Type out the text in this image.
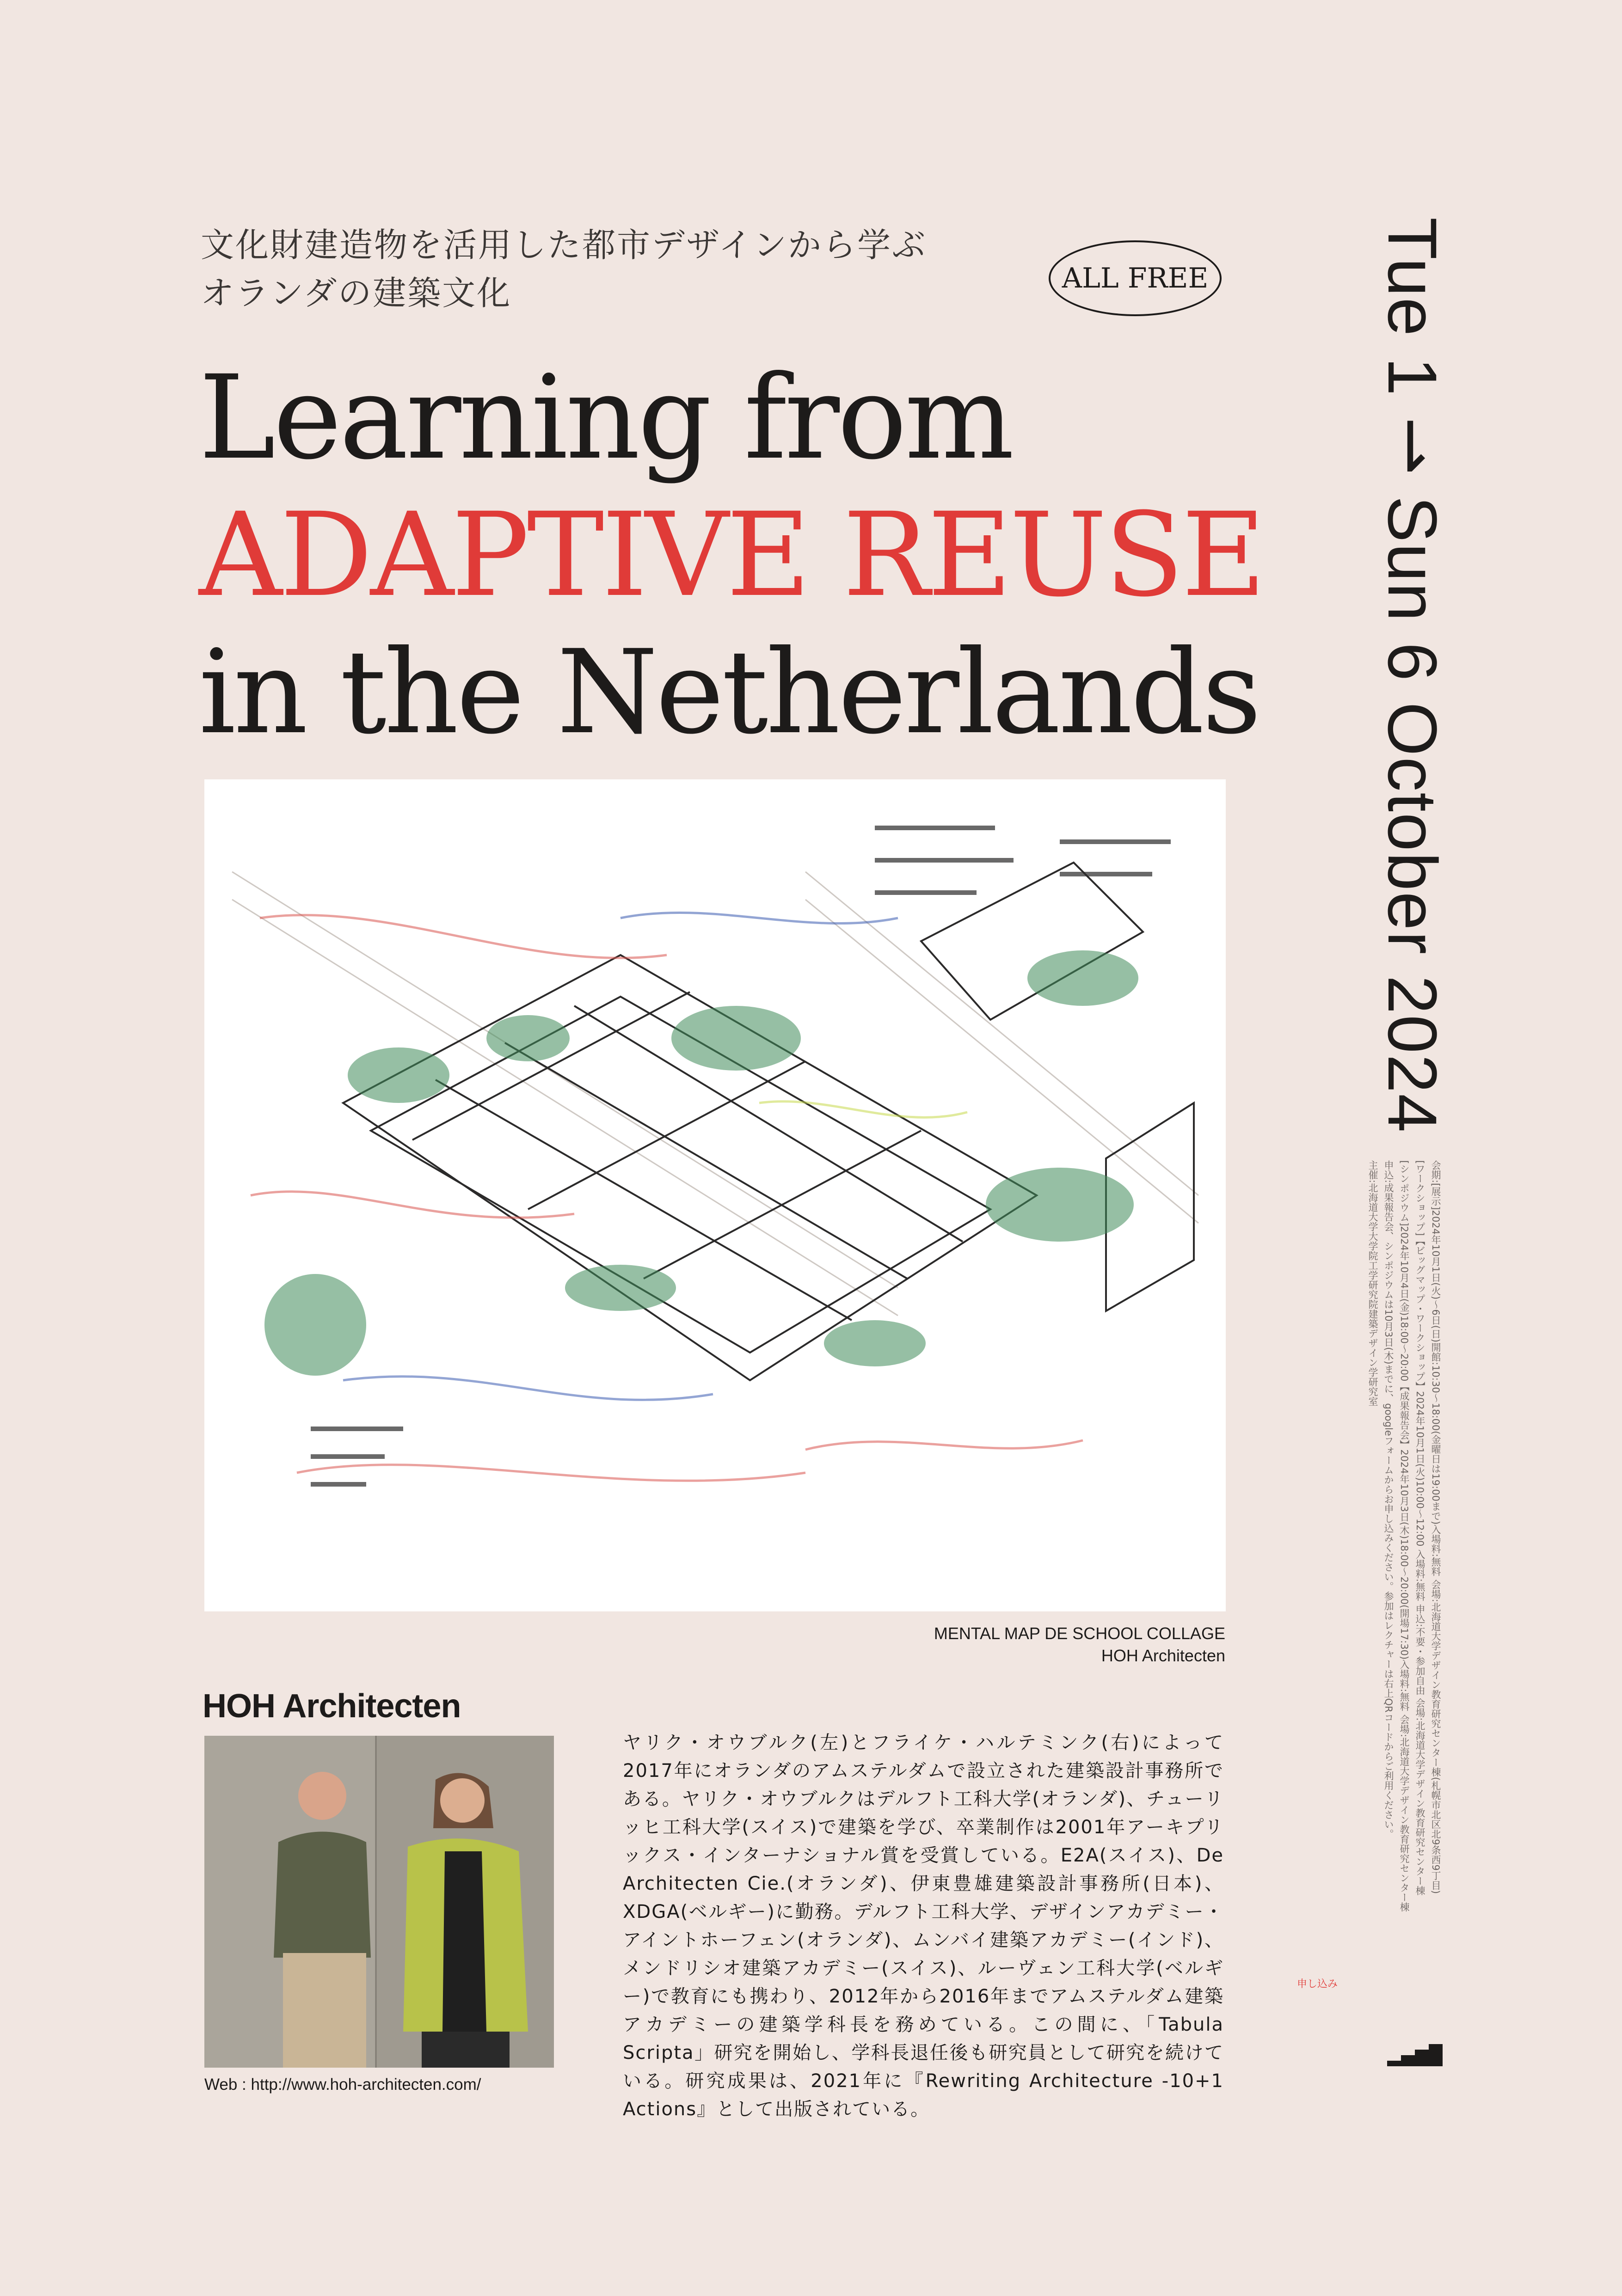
文化財建造物を活用した都市デザインから学ぶ
オランダの建築文化	ALL FREE
Learning from
ADAPTIVE REUSE
in the Netherlands
MENTAL MAP DE SCHOOL COLLAGE
HOH Architecten
HOH Architecten
Web : http://www.hoh-architecten.com/
ヤリク・オウブルク(左)とフライケ・ハルテミンク(右)によって2017年にオランダのアムステルダムで設立された建築設計事務所である。ヤリク・オウブルクはデルフト工科大学(オランダ)、チューリッヒ工科大学(スイス)で建築を学び、卒業制作は2001年アーキプリックス・インターナショナル賞を受賞している。E2A(スイス)、De Architecten Cie.(オランダ)、伊東豊雄建築設計事務所(日本)、XDGA(ベルギー)に勤務。デルフト工科大学、デザインアカデミー・アイントホーフェン(オランダ)、ムンバイ建築アカデミー(インド)、メンドリシオ建築アカデミー(スイス)、ルーヴェン工科大学(ベルギー)で教育にも携わり、2012年から2016年までアムステルダム建築アカデミーの建築学科長を務めている。この間に、「Tabula Scripta」研究を開始し、学科長退任後も研究員として研究を続けている。研究成果は、2021年に『Rewriting Architecture -10+1 Actions』として出版されている。
Tue 1 ⇀ Sun 6 October 2024
会期:[展示]2024年10月1日(火)〜6日(日)開館:10:30〜18:00(金曜日は19:00まで)入場料:無料 会場:北海道大学デザイン教育研究センター棟(札幌市北区北9条西9丁目)
[ワークショップ]【ビッグマップ・ワークショップ】2024年10月1日(火)10:00〜12:00 入場料:無料 申込:不要・参加自由 会場:北海道大学デザイン教育研究センター棟
[シンポジウム]2024年10月4日(金)18:00〜20:00【成果報告会】2024年10月3日(木)18:00〜20:00(開場17:30)入場料:無料 会場:北海道大学デザイン教育研究センター棟
申込:成果報告会、シンポジウムは10月3日(木)までに、googleフォームからお申し込みください。参加はレクチャーは右上QRコードからご利用ください。
主催:北海道大学大学院工学研究院建築デザイン学研究室
申し込み
